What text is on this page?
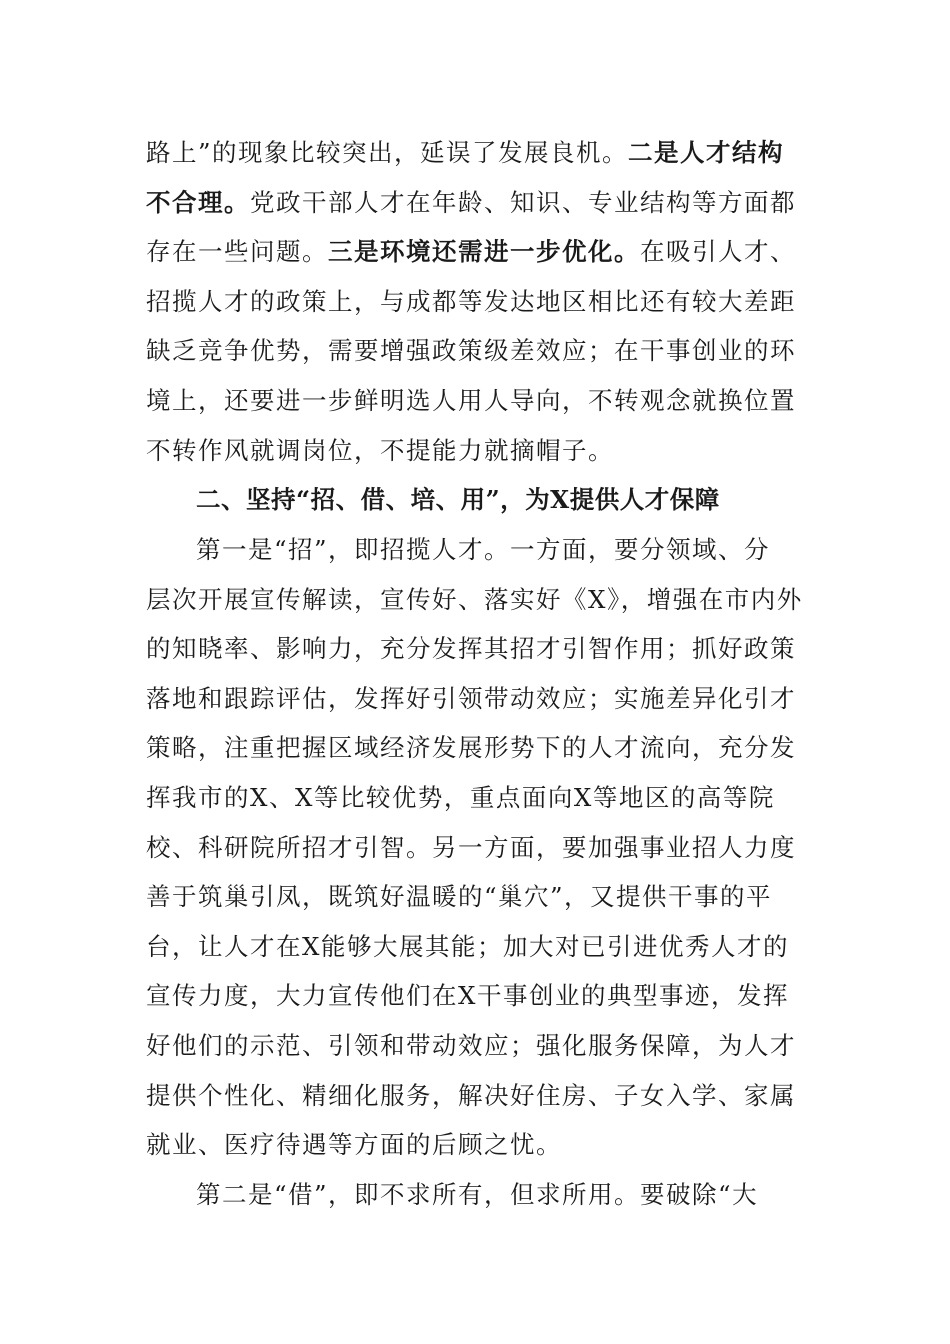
路上”的现象比较突出，延误了发展良机。二是人才结构
不合理。党政干部人才在年龄、知识、专业结构等方面都
存在一些问题。三是环境还需进一步优化。在吸引人才、
招揽人才的政策上，与成都等发达地区相比还有较大差距
缺乏竞争优势，需要增强政策级差效应；在干事创业的环
境上，还要进一步鲜明选人用人导向，不转观念就换位置
不转作风就调岗位，不提能力就摘帽子。
二、坚持“招、借、培、用”，为X提供人才保障
第一是“招”，即招揽人才。一方面，要分领域、分
层次开展宣传解读，宣传好、落实好《X》，增强在市内外
的知晓率、影响力，充分发挥其招才引智作用；抓好政策
落地和跟踪评估，发挥好引领带动效应；实施差异化引才
策略，注重把握区域经济发展形势下的人才流向，充分发
挥我市的X、X等比较优势，重点面向X等地区的高等院
校、科研院所招才引智。另一方面，要加强事业招人力度
善于筑巢引凤，既筑好温暖的“巢穴”，又提供干事的平
台，让人才在X能够大展其能；加大对已引进优秀人才的
宣传力度，大力宣传他们在X干事创业的典型事迹，发挥
好他们的示范、引领和带动效应；强化服务保障，为人才
提供个性化、精细化服务，解决好住房、子女入学、家属
就业、医疗待遇等方面的后顾之忧。
第二是“借”，即不求所有，但求所用。要破除“大
